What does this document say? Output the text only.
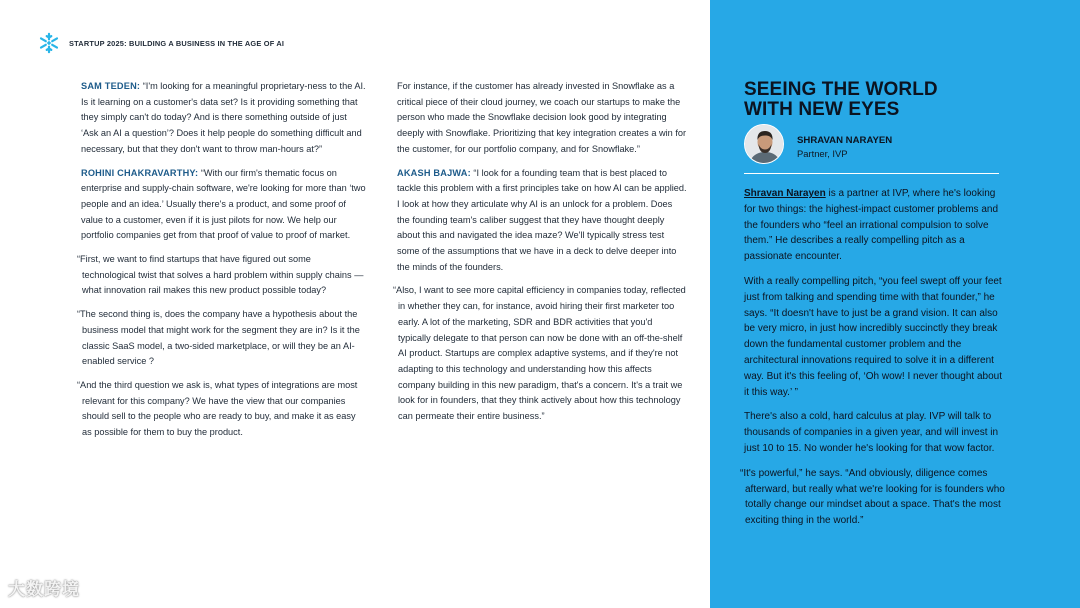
STARTUP 2025: BUILDING A BUSINESS IN THE AGE OF AI

SAM TEDEN: “I'm looking for a meaningful proprietary-ness to the AI. Is it learning on a customer's data set? Is it providing something that they simply can't do today? And is there something outside of just ‘Ask an AI a question’? Does it help people do something difficult and necessary, but that they don't want to throw man-hours at?”

ROHINI CHAKRAVARTHY: “With our firm's thematic focus on enterprise and supply-chain software, we're looking for more than ‘two people and an idea.’ Usually there's a product, and some proof of value to a customer, even if it is just pilots for now. We help our portfolio companies get from that proof of value to proof of market.

“First, we want to find startups that have figured out some technological twist that solves a hard problem within supply chains — what innovation rail makes this new product possible today?

“The second thing is, does the company have a hypothesis about the business model that might work for the segment they are in? Is it the classic SaaS model, a two-sided marketplace, or will they be an AI-enabled service ?

“And the third question we ask is, what types of integrations are most relevant for this company? We have the view that our companies should sell to the people who are ready to buy, and make it as easy as possible for them to buy the product.

For instance, if the customer has already invested in Snowflake as a critical piece of their cloud journey, we coach our startups to make the person who made the Snowflake decision look good by integrating deeply with Snowflake. Prioritizing that key integration creates a win for the customer, for our portfolio company, and for Snowflake.”

AKASH BAJWA: “I look for a founding team that is best placed to tackle this problem with a first principles take on how AI can be applied. I look at how they articulate why AI is an unlock for a problem. Does the founding team's caliber suggest that they have thought deeply about this and navigated the idea maze? We'll typically stress test some of the assumptions that we have in a deck to delve deeper into the minds of the founders.

“Also, I want to see more capital efficiency in companies today, reflected in whether they can, for instance, avoid hiring their first marketer too early. A lot of the marketing, SDR and BDR activities that you'd typically delegate to that person can now be done with an off-the-shelf AI product. Startups are complex adaptive systems, and if they're not adapting to this technology and understanding how this affects company building in this new paradigm, that's a concern. It's a trait we look for in founders, that they think actively about how this technology can permeate their entire business.”

SEEING THE WORLD
WITH NEW EYES
SHRAVAN NARAYEN
Partner, IVP

Shravan Narayen is a partner at IVP, where he's looking for two things: the highest-impact customer problems and the founders who “feel an irrational compulsion to solve them.” He describes a really compelling pitch as a passionate encounter.

With a really compelling pitch, “you feel swept off your feet just from talking and spending time with that founder,” he says. “It doesn't have to just be a grand vision. It can also be very micro, in just how incredibly succinctly they break down the fundamental customer problem and the architectural innovations required to solve it in a different way. But it's this feeling of, ‘Oh wow! I never thought about it this way.’ ”

There's also a cold, hard calculus at play. IVP will talk to thousands of companies in a given year, and will invest in just 10 to 15. No wonder he's looking for that wow factor.

“It's powerful,” he says. “And obviously, diligence comes afterward, but really what we're looking for is founders who totally change our mindset about a space. That's the most exciting thing in the world.”

大数跨境
